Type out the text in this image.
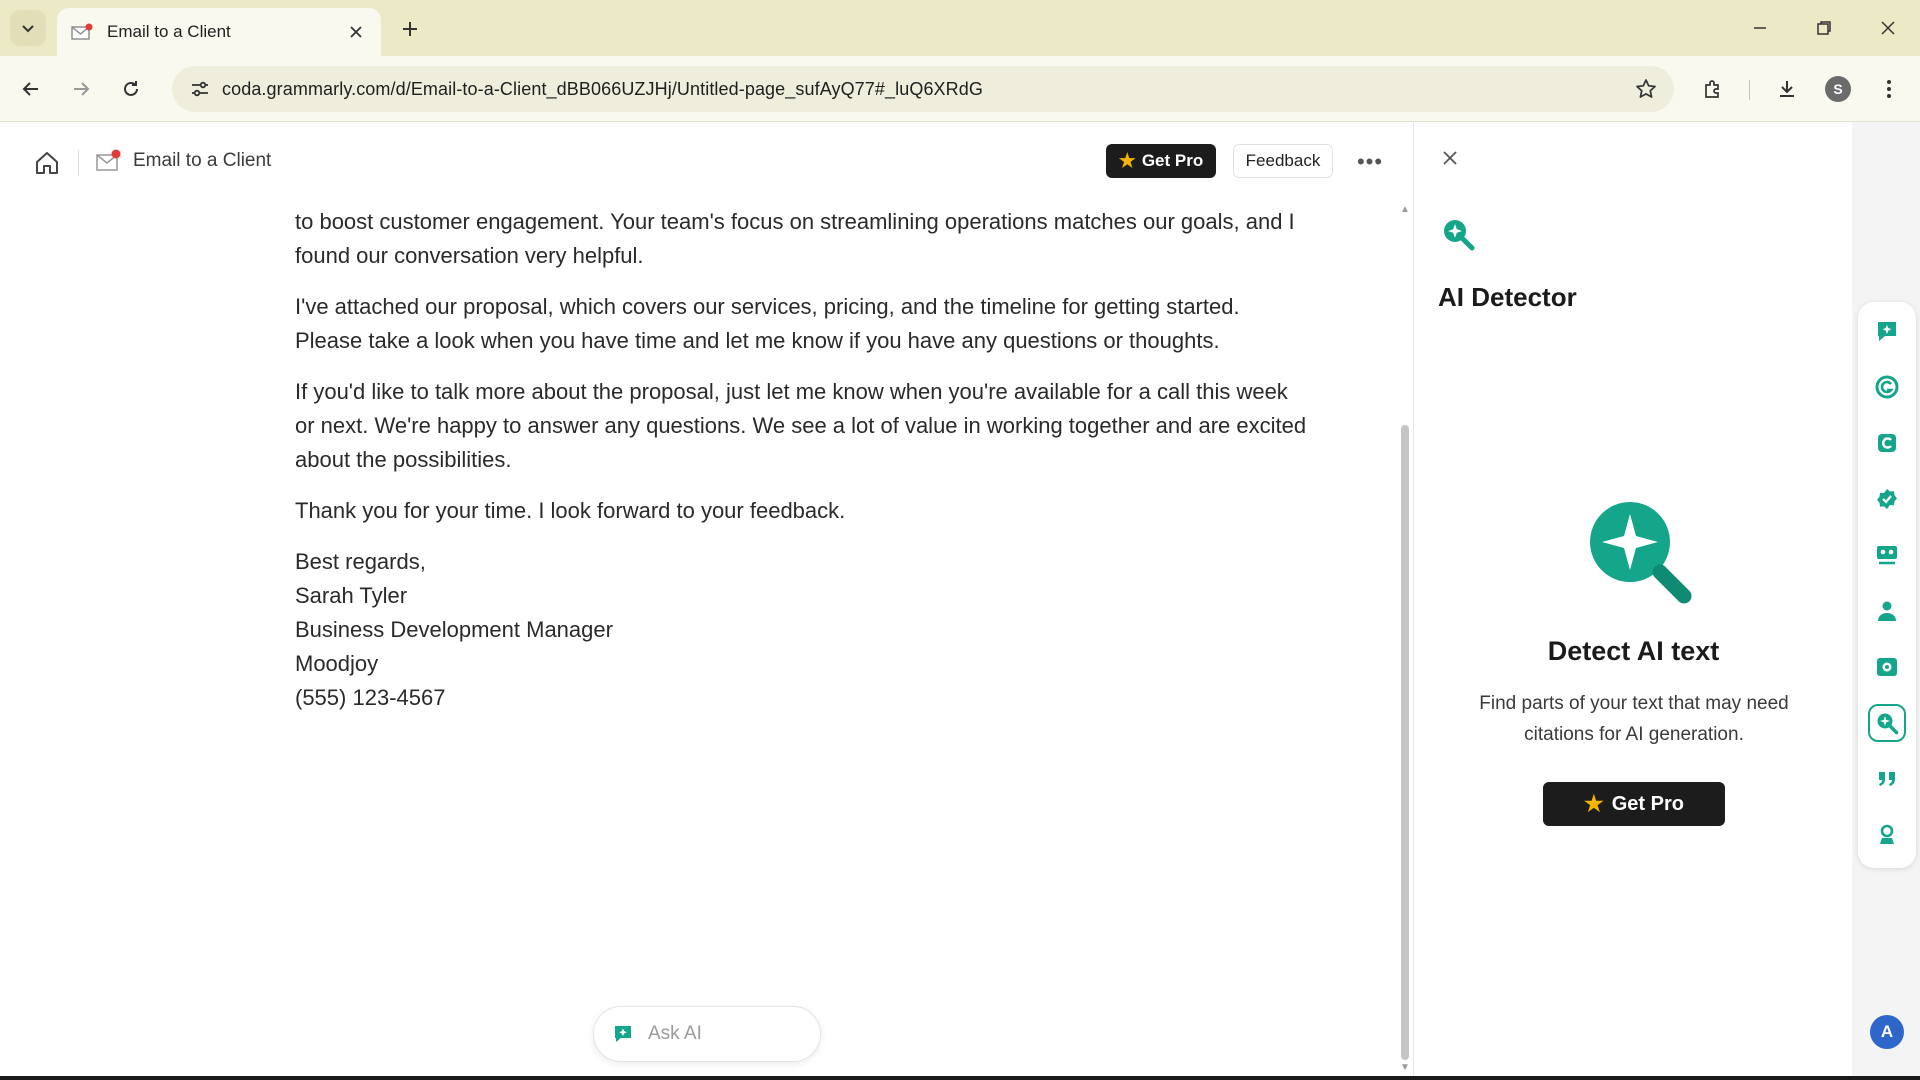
Email to a Client
coda.grammarly.com/d/Email-to-a-Client_dBB066UZJHj/Untitled-page_sufAyQ77#_luQ6XRdG	S
Email to a Client	★ Get Pro	Feedback	•••

to boost customer engagement. Your team's focus on streamlining operations matches our goals, and I
found our conversation very helpful.

I've attached our proposal, which covers our services, pricing, and the timeline for getting started.
Please take a look when you have time and let me know if you have any questions or thoughts.

If you'd like to talk more about the proposal, just let me know when you're available for a call this week
or next. We're happy to answer any questions. We see a lot of value in working together and are excited
about the possibilities.

Thank you for your time. I look forward to your feedback.

Best regards,
Sarah Tyler
Business Development Manager
Moodjoy
(555) 123-4567

▲
▼
Ask AI
AI Detector
Detect AI text
Find parts of your text that may need citations for AI generation.
★ Get Pro
A
